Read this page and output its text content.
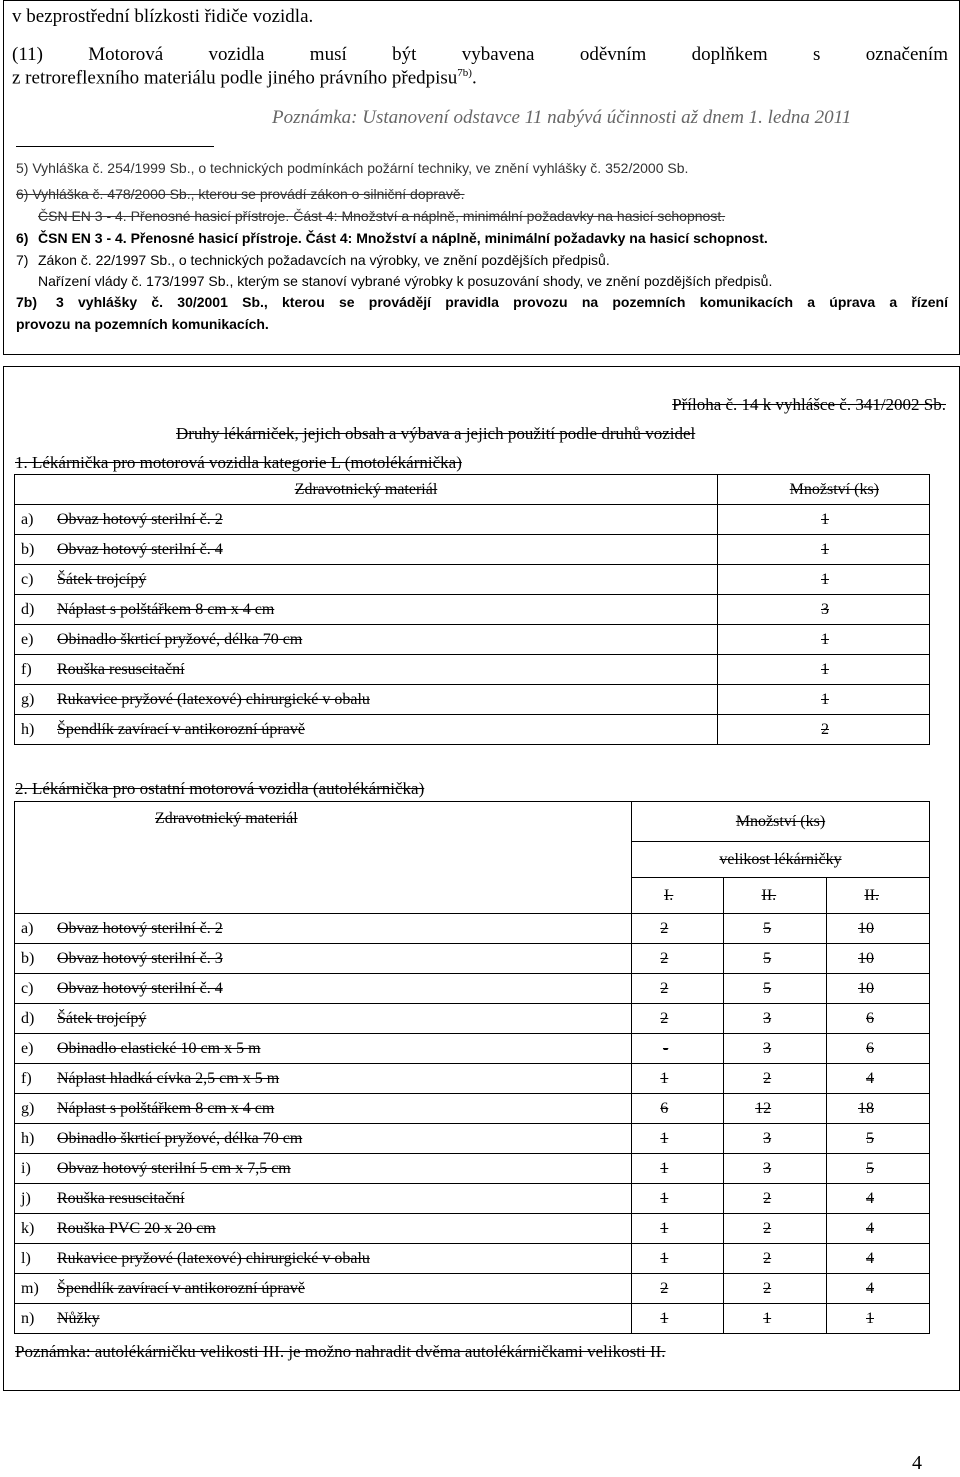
v bezprostřední blízkosti řidiče vozidla.
(11) Motorová vozidla musí být vybavena oděvním doplňkem s označením
z retroreflexního materiálu podle jiného právního předpisu$^{7b)}$.
Poznámka: Ustanovení odstavce 11 nabývá účinnosti až dnem 1. ledna 2011
5) Vyhláška č. 254/1999 Sb., o technických podmínkách požární techniky, ve znění vyhlášky č. 352/2000 Sb.
6) Vyhláška č. 478/2000 Sb., kterou se provádí zákon o silniční dopravě.
ČSN EN 3 - 4. Přenosné hasicí přístroje. Část 4: Množství a náplně, minimální požadavky na hasicí schopnost.
6) ČSN EN 3 - 4. Přenosné hasicí přístroje. Část 4: Množství a náplně, minimální požadavky na hasicí schopnost.
7) Zákon č. 22/1997 Sb., o technických požadavcích na výrobky, ve znění pozdějších předpisů.
Nařízení vlády č. 173/1997 Sb., kterým se stanoví vybrané výrobky k posuzování shody, ve znění pozdějších předpisů.
7b) 3 vyhlášky č. 30/2001 Sb., kterou se provádějí pravidla provozu na pozemních komunikacích a úprava a řízení
provozu na pozemních komunikacích.
Příloha č. 14 k vyhlášce č. 341/2002 Sb.
Druhy lékárniček, jejich obsah a výbava a jejich použití podle druhů vozidel
1. Lékárnička pro motorová vozidla kategorie L (motolékárnička)
Zdravotnický materiál	Množství (ks)
a) Obvaz hotový sterilní č. 2	1
b) Obvaz hotový sterilní č. 4	1
c) Šátek trojcípý	1
d) Náplast s polštářkem 8 cm x 4 cm	3
e) Obinadlo škrticí pryžové, délka 70 cm	1
f) Rouška resuscitační	1
g) Rukavice pryžové (latexové) chirurgické v obalu	1
h) Špendlík zavírací v antikorozní úpravě	2
2. Lékárnička pro ostatní motorová vozidla (autolékárnička)
Zdravotnický materiál	Množství (ks)		
	velikost lékárničky		
	I.	II.	II.
a) Obvaz hotový sterilní č. 2	2	5	10
b) Obvaz hotový sterilní č. 3	2	5	10
c) Obvaz hotový sterilní č. 4	2	5	10
d) Šátek trojcípý	2	3	6
e) Obinadlo elastické 10 cm x 5 m	-	3	6
f) Náplast hladká cívka 2,5 cm x 5 m	1	2	4
g) Náplast s polštářkem 8 cm x 4 cm	6	12	18
h) Obinadlo škrticí pryžové, délka 70 cm	1	3	5
i) Obvaz hotový sterilní 5 cm x 7,5 cm	1	3	5
j) Rouška resuscitační	1	2	4
k) Rouška PVC 20 x 20 cm	1	2	4
l) Rukavice pryžové (latexové) chirurgické v obalu	1	2	4
m) Špendlík zavírací v antikorozní úpravě	2	2	4
n) Nůžky	1	1	1
Poznámka: autolékárničku velikosti III. je možno nahradit dvěma autolékárničkami velikosti II.
4
